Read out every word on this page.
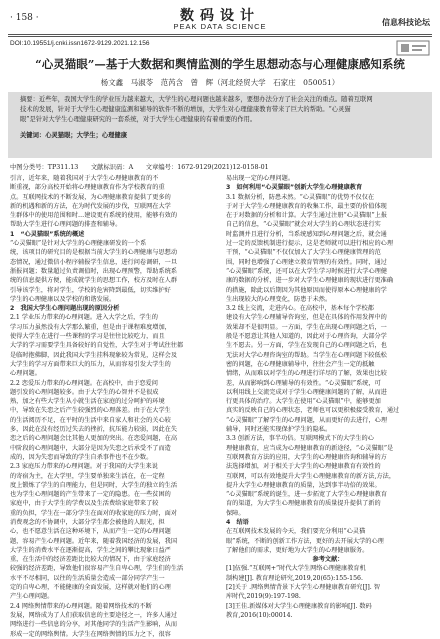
· 158 ·	数码设计
PEAK DATA SCIENCE	信息科技论坛
DOI:10.19551/j.cnki.issn1672-9129.2021.12.156
“心灵猫眼”—基于大数据和舆情监测的学生思想动态与心理健康感知系统
杨文鑫　马淑苓　范芮含　曾　辉（河北经贸大学　石家庄　050051）
摘要：近些年，我国大学生的学业压力越来越大，大学生的心理问题也越来越多，要想办法分方了社会关注的重点。随着互联网
技术的发展，针对于大学生心理健康监测和辅导的软件不断的增加，大学生对心理健康教育带来了巨大的帮助。“心灵猫
眼”是针对大学生心理健康研究的一套系统，对于大学生心理健康的有着重要的作用。
关键词：心灵猫眼；大学生；心理健康
中图分类号：TP311.13　　文献标识码：A　　文章编号：1672-9129(2021)12-0158-01
引言，近年来，随着我国对于大学生心理健康教育的不
断重视，部分高校开始将心理健康教育作为学校教育的重
点。互联网技术的不断发展，为心理健康教育提供了更多的
新的机遇和新的方法，在为时代发展的步伐，互联网在大学
生群体中的使用范围和时…建设更有系统的使用，能够有效的
帮助大学生进行心理问题的排查和辅导。
1　“心灵猫眼”系统的概述
“心灵猫眼”是针对大学生的心理健康研发的一个系
统，该项目的研究目的是根据当前大学生的心理健康与思想动
态情况，通过微信小程序辅报学生信息，进行问卷调研，一旦
浙报问题；数量超过负责调值时，出现心理预警，帮助系统系
统的信息提供方便，能成就学生的思想工作，校方及时在人群
引导该学生，将对学生，学校的危害降到最低，切实维护好
学生的心理健康以及学校的和谐发展。
2　我国大学生心理问题出现的原因分析
2.1 学业压力带来的心理问题。进入大学之后，学生的
学习压力虽然没有大学那么繁重，但是由于课程难度增加，
使得大学生在进行一些课程的学习是往往比较吃力，而且
大学的学习需要学生具备较好的自觉性，大学生对于考试往往都
是临时抱佛脚，因此我国大学生挂科现象较为常见，这样会及
大学生的学习方面带来巨大的压力，从而容易引发大学生的
心理问题。
2.2 恋爱压力带来的心理问题。在高校中，由于恋爱问
题引发的心理问题较多。由于大学生的心智并不是很成
熟，加之有些大学生从小就生活在家庭的过分呵护的环境
中，导致在失恋之后产生较强烈的心理落差。由于在大学生
的生活阅历不足，在平时的生活中来自家人和社会的关心较
多，因此在没有经历过失去的挫折，抗压能力较弱，因此在失
恋之后的心理问题会比其他人更加的突出。在恋爱问题，在高
中阶段的心理问题中，大部分是因为失恋之后承受不了而造
成的，因为失恋而导致的学生自杀事件也不在少数。
2.3 家庭压力带来的心理问题。对于我国的大学生来说
的寄宿为主，在大学里，学生要单独来生活在，在一定程
度上锻炼了学生的自理能力，但是同时，大学生的独立的生活
也为学生心理问题的产生带来了一定的隐患。在一些贫困的
家庭中，由于大学生的学费以及生活费给家庭带来了较
重的负担，学生在一部分学生在面对的收家庭的压力时，面对
消费观念的不协调中，大部分学生都会被他的人眼光，担
心，也不愿意生活在这种环境下，从而产生一定的心理问题
题，容易产生心理问题。近年来，随着我国经济的发展，我国
大学生的消费水平在逐渐提高，学生之间的攀比现象日益严
重，在生活中的经济差距比比较大的情况下，由于家庭经济
较强的经济差距，导致他们很容易产生自卑心理，学生们的生活
水平不尽相同，以往的生活质量会造成一部分同学产生一
定的自卑心理，不能健康的全面发展，这样就对他们的心理
产生心理问题。
2.4 网络舆情带来的心理问题。随着网络技术的不断
发展，网络成为了人们获取信息的主要途径之一，许多人通过
网络进行一些信息的分享，对其他同学的生活产生影响，从而
形成一定的网络舆情。大学生在网络舆情的压力之下，很容
易出现一定的心理问题。
3　如何利用“心灵猫眼”创新大学生心理健康教育
3.1 数据分析，防患未然。“心灵猫眼”的优势不仅仅在
于对于大学生心理健康教育的收集工作，最主要的价值体现
在于对数据的分析和计算。大学生通过注册“心灵猫眼”上报
自己的信息，“心灵猫眼”就会对大学生的心理状态进行实
时监测并且进行分析，当系统感知到心理问题之后，就会通
过一定的反馈机制进行提示，这是老师就可以进行相应的心理
干预，“心灵猫眼”不仅仅加大了大学生心理健康管理的范
围，同时也增强了心理建立教育管理的有效性。同时，通过
“心灵猫眼”系统，还可以在大学生学习时候进行大学心理健
康的数据的分析，进一步对大学生心理健康的现状进行更准确
的措施，除此以后期因为其他原因而使得原本心理健康的学
生出现较大的心理变化，防患于未然。
3.2 线上交流，走进内心。在高校中，基本每个学校都
建设有大学生心理辅导咨询室，但是在具体的作用发挥中的
效果却不是很明显。一方面，学生在出现心理问题之后，一
般是不愿意让其他人知道的，因此对于心理咨询，大部分学
生不愿去。另一方面，学生在发现自己的心理问题之后，也
无法对大学心理咨询室的帮助。当学生在心理问题下较低松
密的问题，在心理健康辅导中，往往会产生一定的抵触
情绪，从而难以对学生的心理进行详尽的了解，效果也比较
差，从而影响到心理辅导的有效性。“心灵猫眼”系统，可
以利用线上交流完成对于学生心理健康问题的了解，从而进
行更具体的治疗。大学生在使用“心灵猫眼”中，能够更加
真实的反映自己的心理状态，老师也可以更积极接受教育，通过
“心灵猫眼”了解学生的心理问题，从而更好的去进行，心理
辅导，同时还能实现保护学生的隐私。
3.3 创新方法，事半功倍。互联网模式下的大学生的心
理健康教育，应当成为心理健康教育的新途径，“心灵猫眼”是
互联网教育方法的应用，大学生的心理健康咨询和辅导的方
法选择增加，对于相关于大学生的心理健康教育有效性的
互联网，可以有效地提升大学生心理健康教育的新方法,方法，
提升大学生心理健康教育的质量，达到事半功倍的效果。
“心灵猫眼”系统的诞生，进一步拓宽了大学生心理健康教育
育的渠道，为大学生心理健康教育的质量提升提供了新的
保障。
4　结语
在互联网技术发展的今天，我们要充分利用“心灵猫
眼”系统，不断的创新工作方法，更好的去开展大学的心理
了解他们的需求，更好地为大学生的心理健康服务。
参考文献：
[1]伍强.“互联网+”时代大学生网络心理健康教育机
制构建[J]. 教育理论研究,2019,20(65):155-156.
[2]关于 .网络舆情背景下大学生心理健康教育研究[J]. 智
库时代,2019(9):197-198.
[3]王佳.新媒体对大学生心理健康教育的影响[J]. 数码
教育,2016(10):00014.
